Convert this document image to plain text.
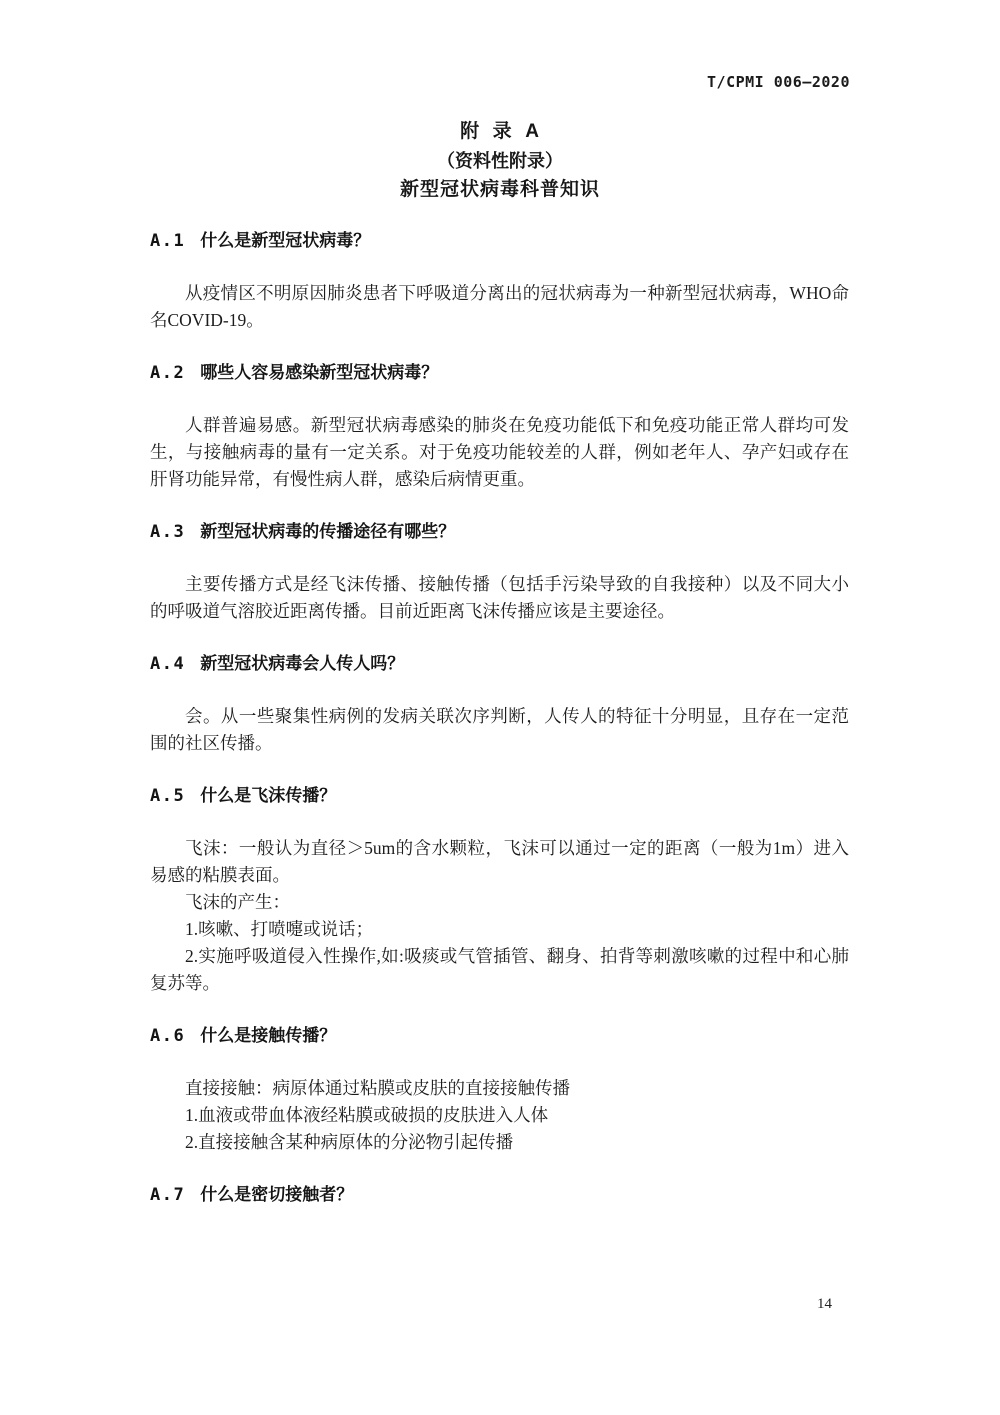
T/CPMI 006—2020
附  录  A
（资料性附录）
新型冠状病毒科普知识
A.1 什么是新型冠状病毒？

从疫情区不明原因肺炎患者下呼吸道分离出的冠状病毒为一种新型冠状病毒，WHO命名COVID-19。

A.2 哪些人容易感染新型冠状病毒？

人群普遍易感。新型冠状病毒感染的肺炎在免疫功能低下和免疫功能正常人群均可发生，与接触病毒的量有一定关系。对于免疫功能较差的人群，例如老年人、孕产妇或存在肝肾功能异常，有慢性病人群，感染后病情更重。

A.3 新型冠状病毒的传播途径有哪些？

主要传播方式是经飞沫传播、接触传播（包括手污染导致的自我接种）以及不同大小的呼吸道气溶胶近距离传播。目前近距离飞沫传播应该是主要途径。

A.4 新型冠状病毒会人传人吗？

会。从一些聚集性病例的发病关联次序判断，人传人的特征十分明显，且存在一定范围的社区传播。

A.5 什么是飞沫传播？

飞沫：一般认为直径＞5um的含水颗粒，飞沫可以通过一定的距离（一般为1m）进入易感的粘膜表面。

飞沫的产生：

1.咳嗽、打喷嚏或说话；

2.实施呼吸道侵入性操作,如:吸痰或气管插管、翻身、拍背等刺激咳嗽的过程中和心肺复苏等。

A.6 什么是接触传播？

直接接触：病原体通过粘膜或皮肤的直接接触传播

1.血液或带血体液经粘膜或破损的皮肤进入人体

2.直接接触含某种病原体的分泌物引起传播

A.7 什么是密切接触者？
14
